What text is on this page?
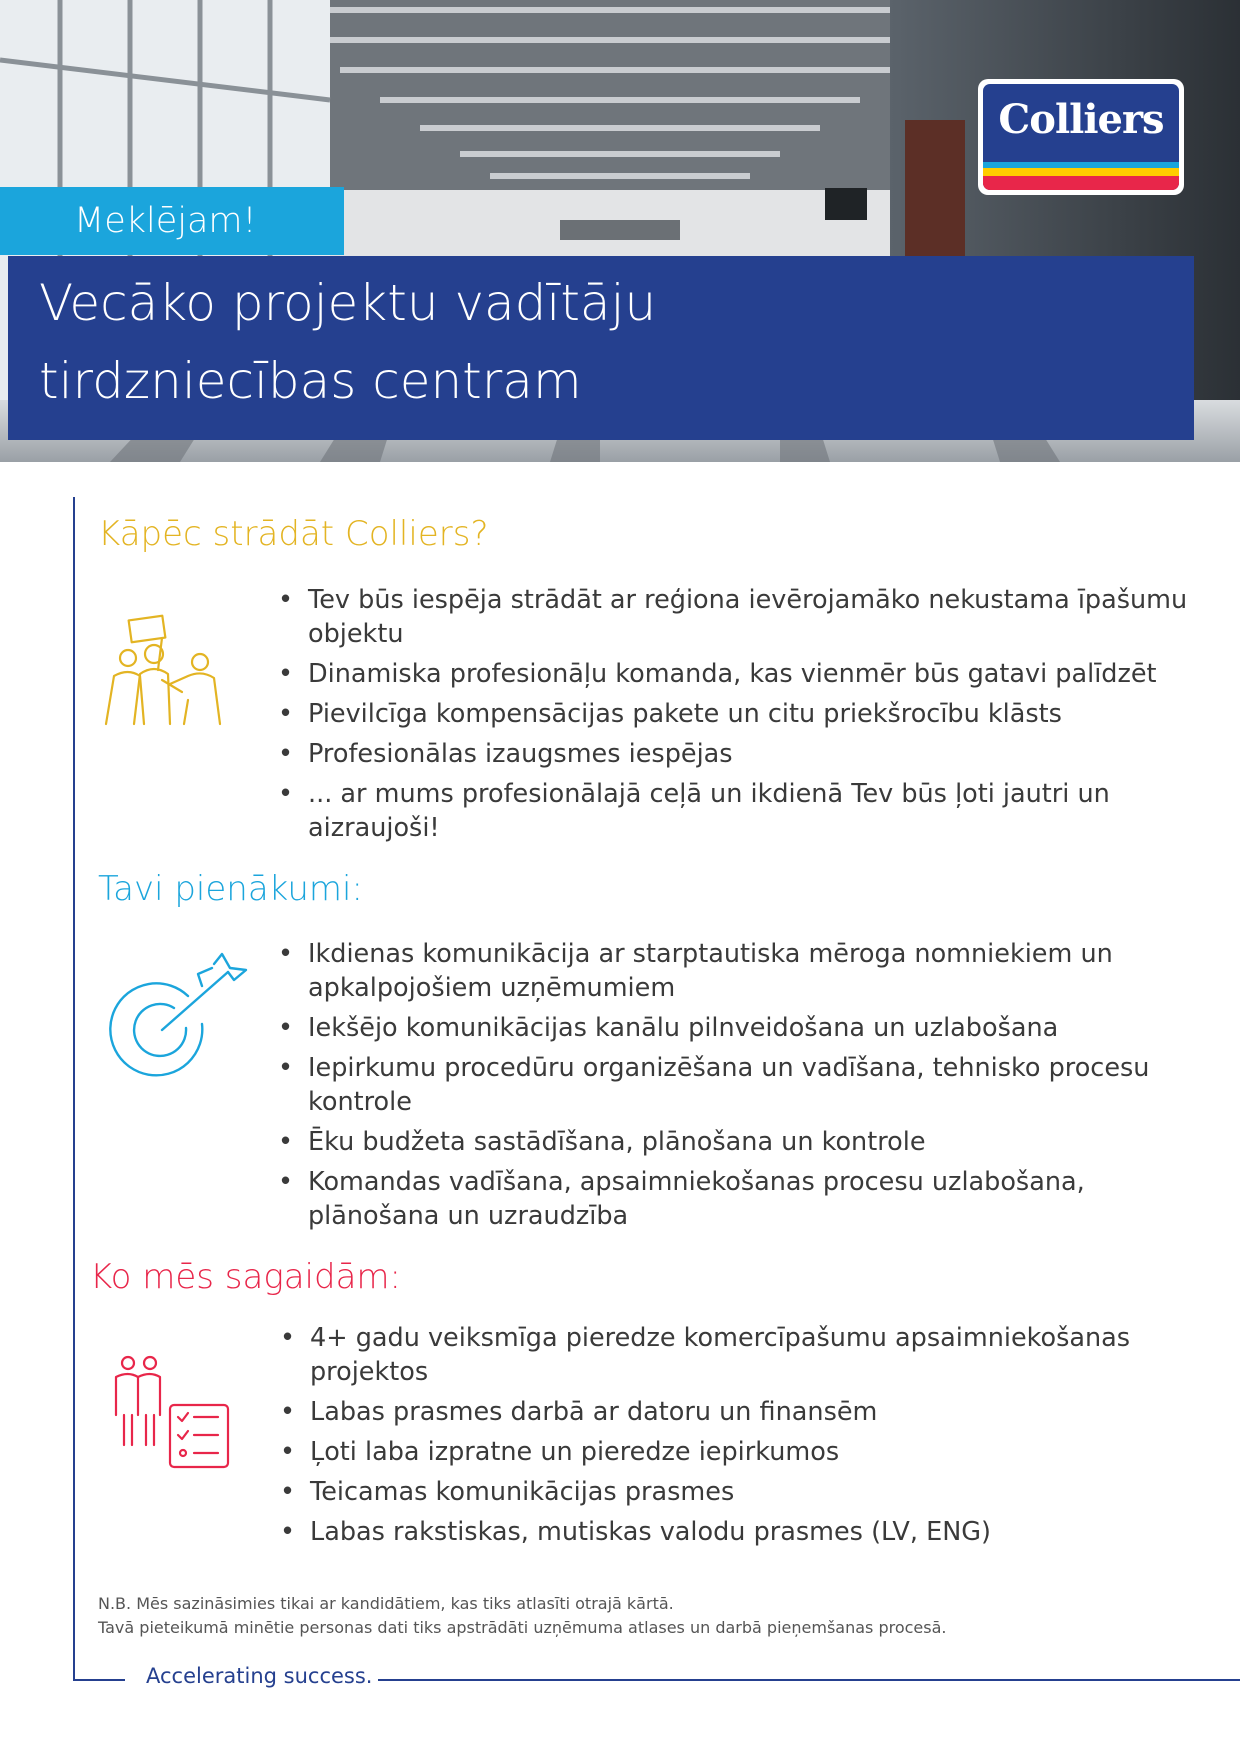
Meklējam!
Vecāko projektu vadītāju
tirdzniecības centram
Colliers
Kāpēc strādāt Colliers?
• Tev būs iespēja strādāt ar reģiona ievērojamāko nekustama īpašumu objektu
• Dinamiska profesionāļu komanda, kas vienmēr būs gatavi palīdzēt
• Pievilcīga kompensācijas pakete un citu priekšrocību klāsts
• Profesionālas izaugsmes iespējas
• ... ar mums profesionālajā ceļā un ikdienā Tev būs ļoti jautri un aizraujoši!
Tavi pienākumi:
• Ikdienas komunikācija ar starptautiska mēroga nomniekiem un apkalpojošiem uzņēmumiem
• Iekšējo komunikācijas kanālu pilnveidošana un uzlabošana
• Iepirkumu procedūru organizēšana un vadīšana, tehnisko procesu kontrole
• Ēku budžeta sastādīšana, plānošana un kontrole
• Komandas vadīšana, apsaimniekošanas procesu uzlabošana, plānošana un uzraudzība
Ko mēs sagaidām:
• 4+ gadu veiksmīga pieredze komercīpašumu apsaimniekošanas projektos
• Labas prasmes darbā ar datoru un finansēm
• Ļoti laba izpratne un pieredze iepirkumos
• Teicamas komunikācijas prasmes
• Labas rakstiskas, mutiskas valodu prasmes (LV, ENG)
N.B. Mēs sazināsimies tikai ar kandidātiem, kas tiks atlasīti otrajā kārtā.
Tavā pieteikumā minētie personas dati tiks apstrādāti uzņēmuma atlases un darbā pieņemšanas procesā.
Accelerating success.
